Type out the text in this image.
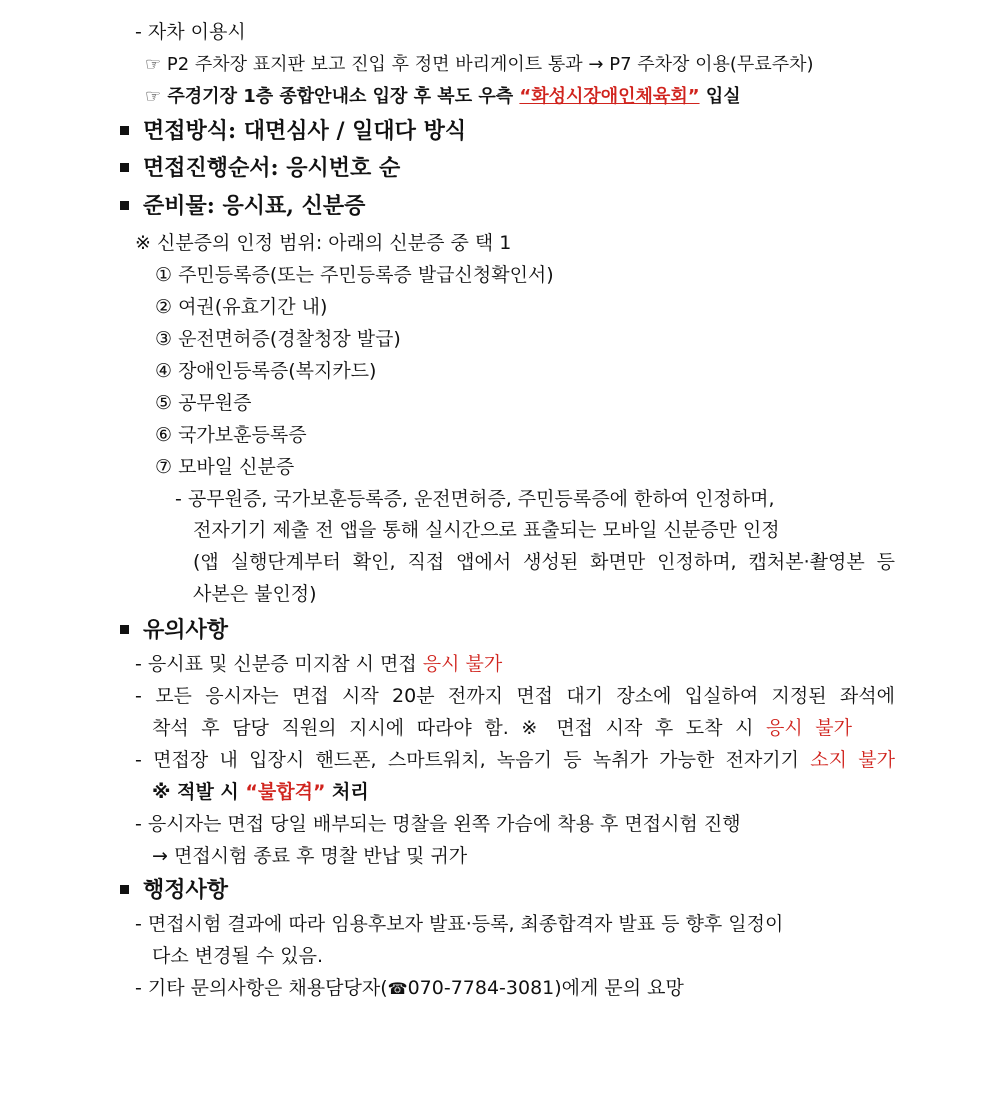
- 자차 이용시
☞ P2 주차장 표지판 보고 진입 후 정면 바리게이트 통과 → P7 주차장 이용(무료주차)
☞ 주경기장 1층 종합안내소 입장 후 복도 우측 “화성시장애인체육회” 입실
면접방식: 대면심사 / 일대다 방식
면접진행순서: 응시번호 순
준비물: 응시표, 신분증
※ 신분증의 인정 범위: 아래의 신분증 중 택 1
① 주민등록증(또는 주민등록증 발급신청확인서)
② 여권(유효기간 내)
③ 운전면허증(경찰청장 발급)
④ 장애인등록증(복지카드)
⑤ 공무원증
⑥ 국가보훈등록증
⑦ 모바일 신분증
- 공무원증, 국가보훈등록증, 운전면허증, 주민등록증에 한하여 인정하며,
전자기기 제출 전 앱을 통해 실시간으로 표출되는 모바일 신분증만 인정
(앱 실행단계부터 확인, 직접 앱에서 생성된 화면만 인정하며, 캡처본·촬영본 등
사본은 불인정)
유의사항
- 응시표 및 신분증 미지참 시 면접 응시 불가
- 모든 응시자는 면접 시작 20분 전까지 면접 대기 장소에 입실하여 지정된 좌석에
착석 후 담당 직원의 지시에 따라야 함. ※ 면접 시작 후 도착 시 응시 불가
- 면접장 내 입장시 핸드폰, 스마트워치, 녹음기 등 녹취가 가능한 전자기기 소지 불가
※ 적발 시 “불합격” 처리
- 응시자는 면접 당일 배부되는 명찰을 왼쪽 가슴에 착용 후 면접시험 진행
→ 면접시험 종료 후 명찰 반납 및 귀가
행정사항
- 면접시험 결과에 따라 임용후보자 발표·등록, 최종합격자 발표 등 향후 일정이
다소 변경될 수 있음.
- 기타 문의사항은 채용담당자(☎070-7784-3081)에게 문의 요망
